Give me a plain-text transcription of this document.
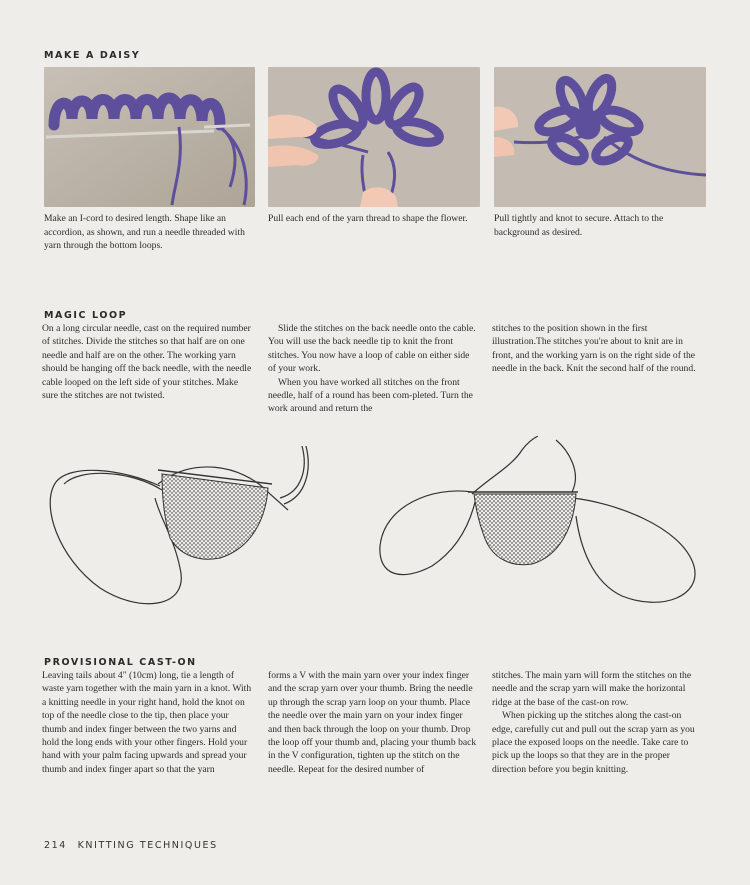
MAKE A DAISY
Make an I-cord to desired length. Shape like an accordion, as shown, and run a needle threaded with yarn through the bottom loops.
Pull each end of the yarn thread to shape the flower.	Pull tightly and knot to secure. Attach to the background as desired.
MAGIC LOOP

On a long circular needle, cast on the required number of stitches. Divide the stitches so that half are on one needle and half are on the other. The working yarn should be hanging off the back needle, with the needle cable looped on the left side of your stitches. Make sure the stitches are not twisted.

Slide the stitches on the back needle onto the cable. You will use the back needle tip to knit the front stitches. You now have a loop of cable on either side of your work.

When you have worked all stitches on the front needle, half of a round has been com-pleted. Turn the work around and return the

stitches to the position shown in the first illustration.The stitches you're about to knit are in front, and the working yarn is on the right side of the needle in the back. Knit the second half of the round.

PROVISIONAL CAST-ON

Leaving tails about 4" (10cm) long, tie a length of waste yarn together with the main yarn in a knot. With a knitting needle in your right hand, hold the knot on top of the needle close to the tip, then place your thumb and index finger between the two yarns and hold the long ends with your other fingers. Hold your hand with your palm facing upwards and spread your thumb and index finger apart so that the yarn

forms a V with the main yarn over your index finger and the scrap yarn over your thumb. Bring the needle up through the scrap yarn loop on your thumb. Place the needle over the main yarn on your index finger and then back through the loop on your thumb. Drop the loop off your thumb and, placing your thumb back in the V configuration, tighten up the stitch on the needle. Repeat for the desired number of

stitches. The main yarn will form the stitches on the needle and the scrap yarn will make the horizontal ridge at the base of the cast-on row.

When picking up the stitches along the cast-on edge, carefully cut and pull out the scrap yarn as you place the exposed loops on the needle. Take care to pick up the loops so that they are in the proper direction before you begin knitting.

214 KNITTING TECHNIQUES
